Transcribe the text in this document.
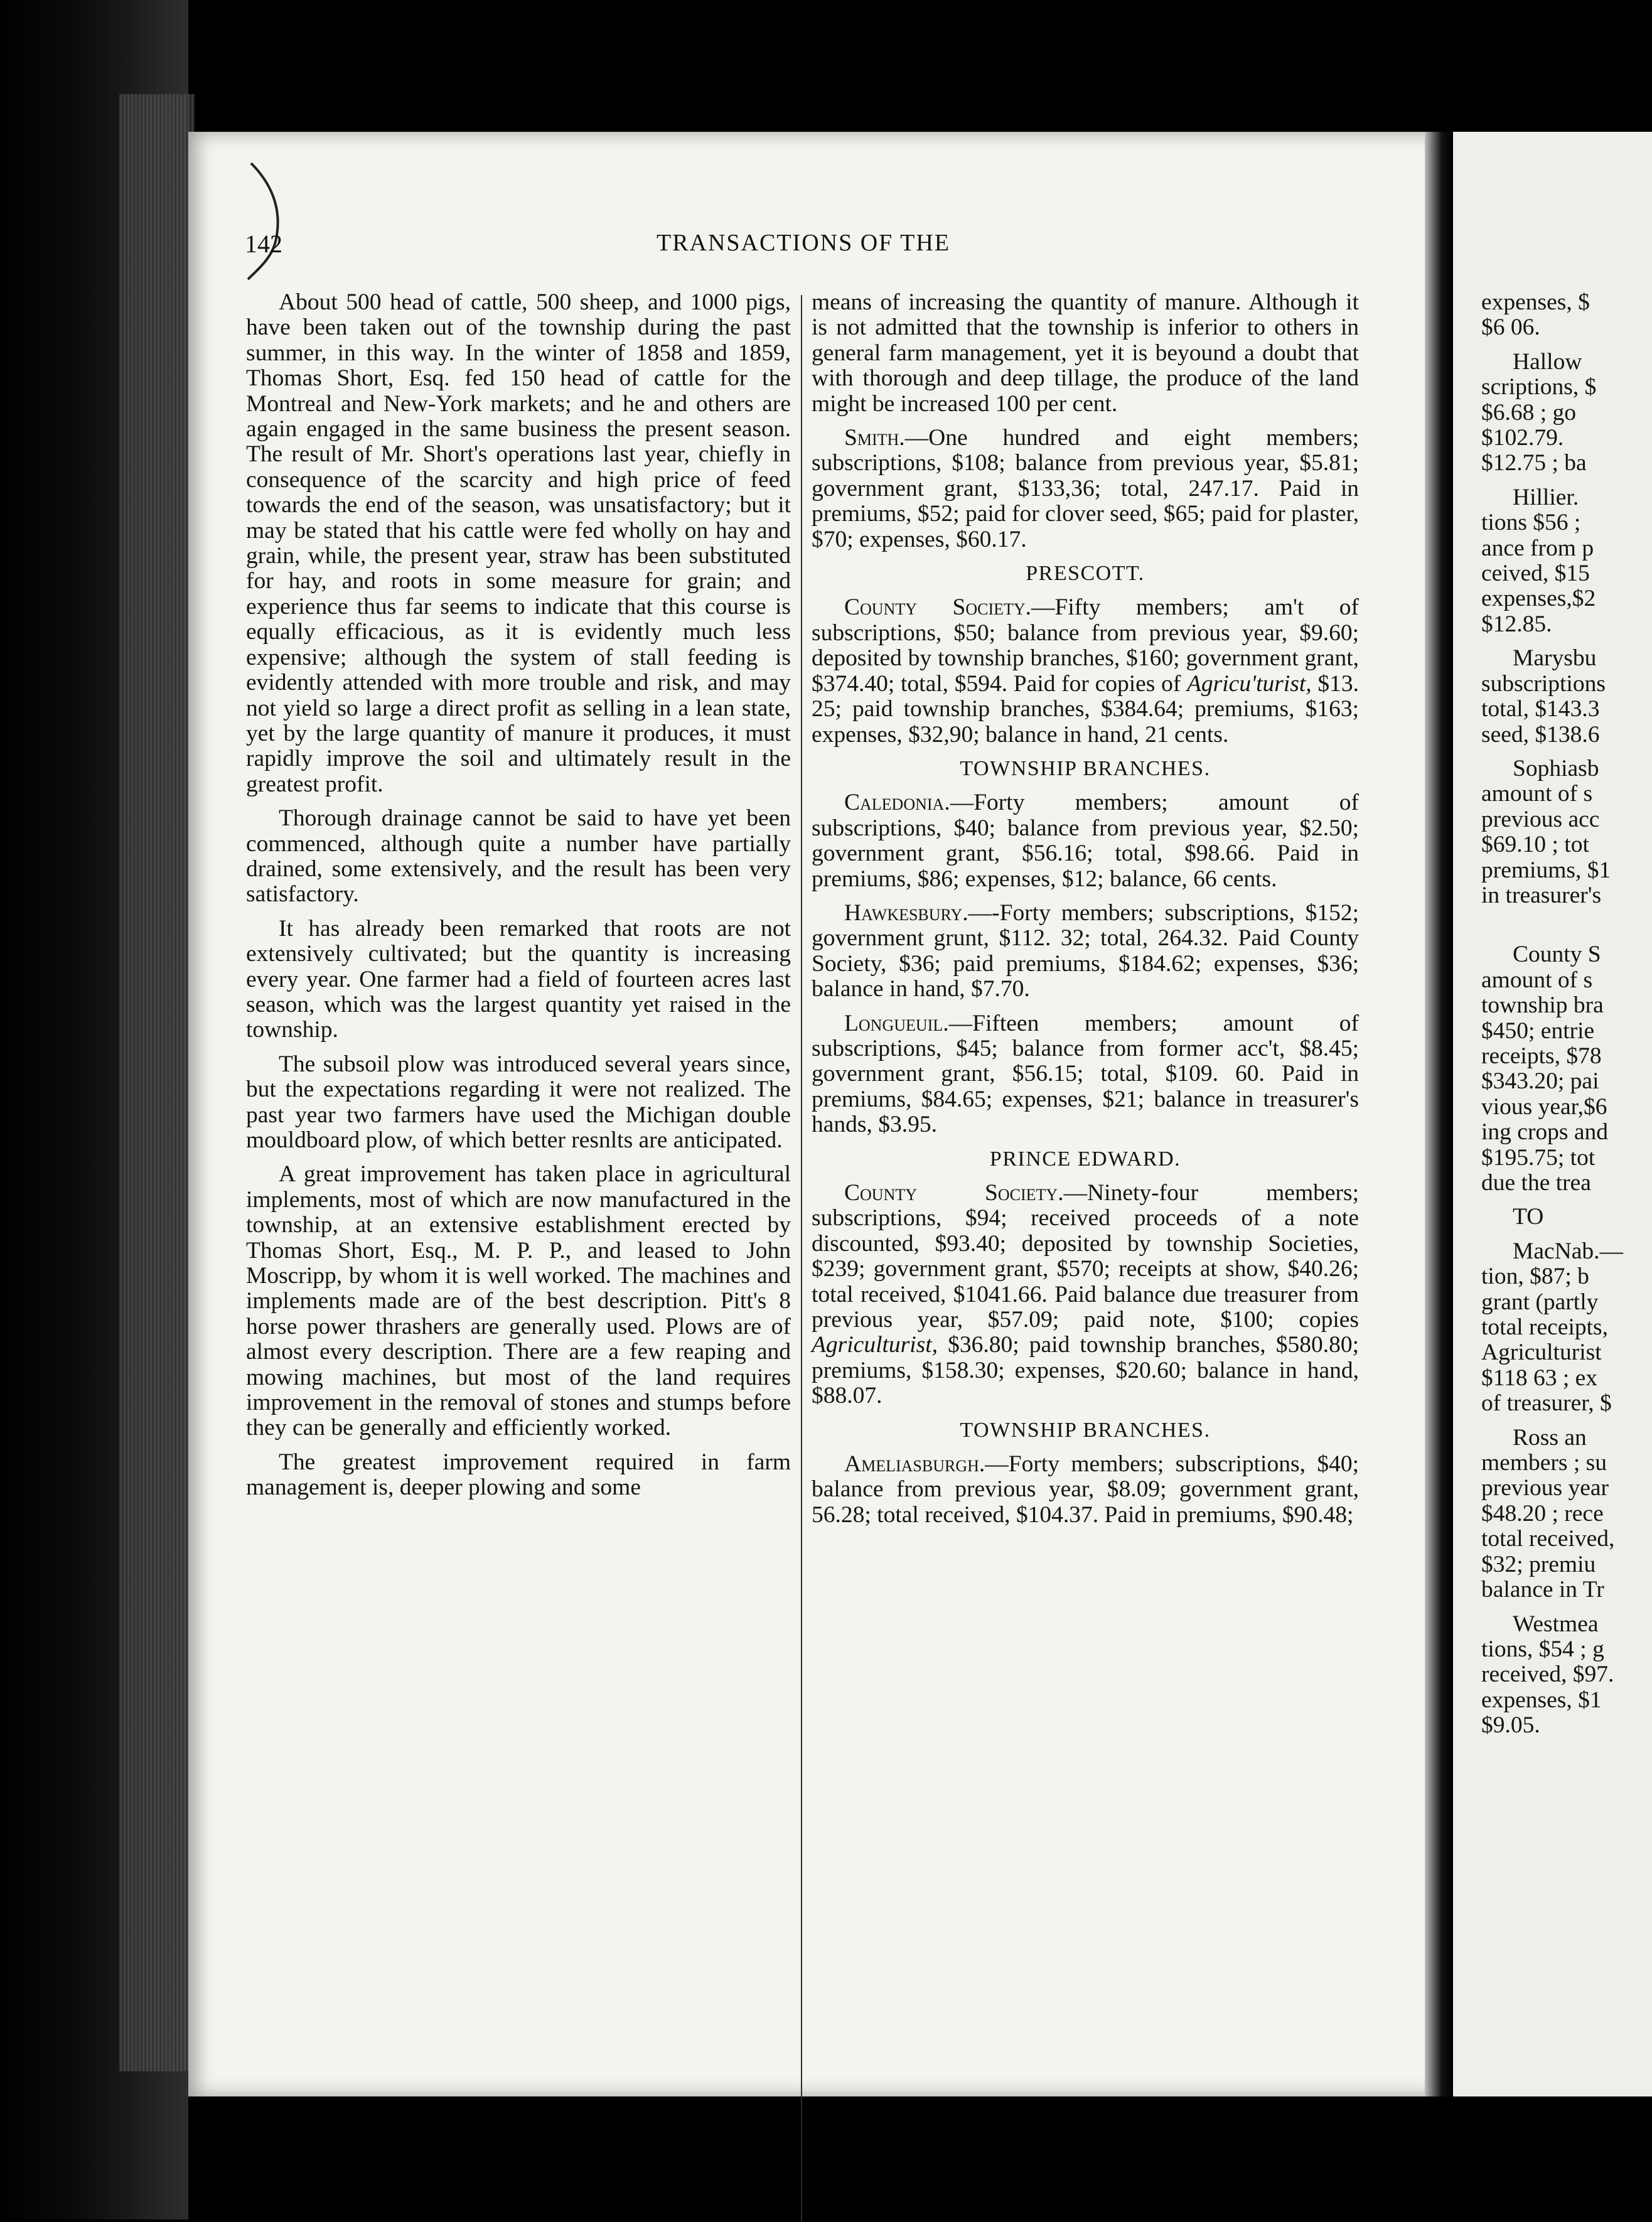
142	TRANSACTIONS OF THE

About 500 head of cattle, 500 sheep, and 1000 pigs, have been taken out of the township during the past summer, in this way. In the winter of 1858 and 1859, Thomas Short, Esq. fed 150 head of cattle for the Montreal and New-York markets; and he and others are again engaged in the same business the present season. The result of Mr. Short's operations last year, chiefly in consequence of the scarcity and high price of feed towards the end of the season, was unsatisfactory; but it may be stated that his cattle were fed wholly on hay and grain, while, the present year, straw has been substituted for hay, and roots in some measure for grain; and experience thus far seems to indicate that this course is equally efficacious, as it is evidently much less expensive; although the system of stall feeding is evidently attended with more trouble and risk, and may not yield so large a direct profit as selling in a lean state, yet by the large quantity of manure it produces, it must rapidly improve the soil and ultimately result in the greatest profit.

Thorough drainage cannot be said to have yet been commenced, although quite a number have partially drained, some extensively, and the result has been very satisfactory.

It has already been remarked that roots are not extensively cultivated; but the quantity is increasing every year. One farmer had a field of fourteen acres last season, which was the largest quantity yet raised in the township.

The subsoil plow was introduced several years since, but the expectations regarding it were not realized. The past year two farmers have used the Michigan double mouldboard plow, of which better resnlts are anticipated.

A great improvement has taken place in agricultural implements, most of which are now manufactured in the township, at an extensive establishment erected by Thomas Short, Esq., M. P. P., and leased to John Moscripp, by whom it is well worked. The machines and implements made are of the best description. Pitt's 8 horse power thrashers are generally used. Plows are of almost every description. There are a few reaping and mowing machines, but most of the land requires improvement in the removal of stones and stumps before they can be generally and efficiently worked.

The greatest improvement required in farm management is, deeper plowing and some

means of increasing the quantity of manure. Although it is not admitted that the township is inferior to others in general farm management, yet it is beyound a doubt that with thorough and deep tillage, the produce of the land might be increased 100 per cent.

Smith.—One hundred and eight members; subscriptions, $108; balance from previous year, $5.81; government grant, $133,36; total, 247.17. Paid in premiums, $52; paid for clover seed, $65; paid for plaster, $70; expenses, $60.17.

PRESCOTT.

County Society.—Fifty members; am't of subscriptions, $50; balance from previous year, $9.60; deposited by township branches, $160; government grant, $374.40; total, $594. Paid for copies of Agricu'turist, $13. 25; paid township branches, $384.64; premiums, $163; expenses, $32,90; balance in hand, 21 cents.

TOWNSHIP BRANCHES.

Caledonia.—Forty members; amount of subscriptions, $40; balance from previous year, $2.50; government grant, $56.16; total, $98.66. Paid in premiums, $86; expenses, $12; balance, 66 cents.

Hawkesbury.—-Forty members; subscriptions, $152; government grunt, $112. 32; total, 264.32. Paid County Society, $36; paid premiums, $184.62; expenses, $36; balance in hand, $7.70.

Longueuil.—Fifteen members; amount of subscriptions, $45; balance from former acc't, $8.45; government grant, $56.15; total, $109. 60. Paid in premiums, $84.65; expenses, $21; balance in treasurer's hands, $3.95.

PRINCE EDWARD.

County Society.—Ninety-four members; subscriptions, $94; received proceeds of a note discounted, $93.40; deposited by township Societies, $239; government grant, $570; receipts at show, $40.26; total received, $1041.66. Paid balance due treasurer from previous year, $57.09; paid note, $100; copies Agriculturist, $36.80; paid township branches, $580.80; premiums, $158.30; expenses, $20.60; balance in hand, $88.07.

TOWNSHIP BRANCHES.

Ameliasburgh.—Forty members; subscriptions, $40; balance from previous year, $8.09; government grant, 56.28; total received, $104.37. Paid in premiums, $90.48;

expenses, $
$6 06.
Hallow
scriptions, $
$6.68 ; go
$102.79.
$12.75 ; ba
Hillier.
tions $56 ;
ance from p
ceived, $15
expenses,$2
$12.85.
Marysbu
subscriptions
total, $143.3
seed, $138.6
Sophiasb
amount of s
previous acc
$69.10 ; tot
premiums, $1
in treasurer's
County S
amount of s
township bra
$450; entrie
receipts, $78
$343.20; pai
vious year,$6
ing crops and
$195.75; tot
due the trea
TO
MacNab.—
tion, $87; b
grant (partly
total receipts,
Agriculturist
$118 63 ; ex
of treasurer, $
Ross an
members ; su
previous year
$48.20 ; rece
total received,
$32; premiu
balance in Tr
Westmea
tions, $54 ; g
received, $97.
expenses, $1
$9.05.
